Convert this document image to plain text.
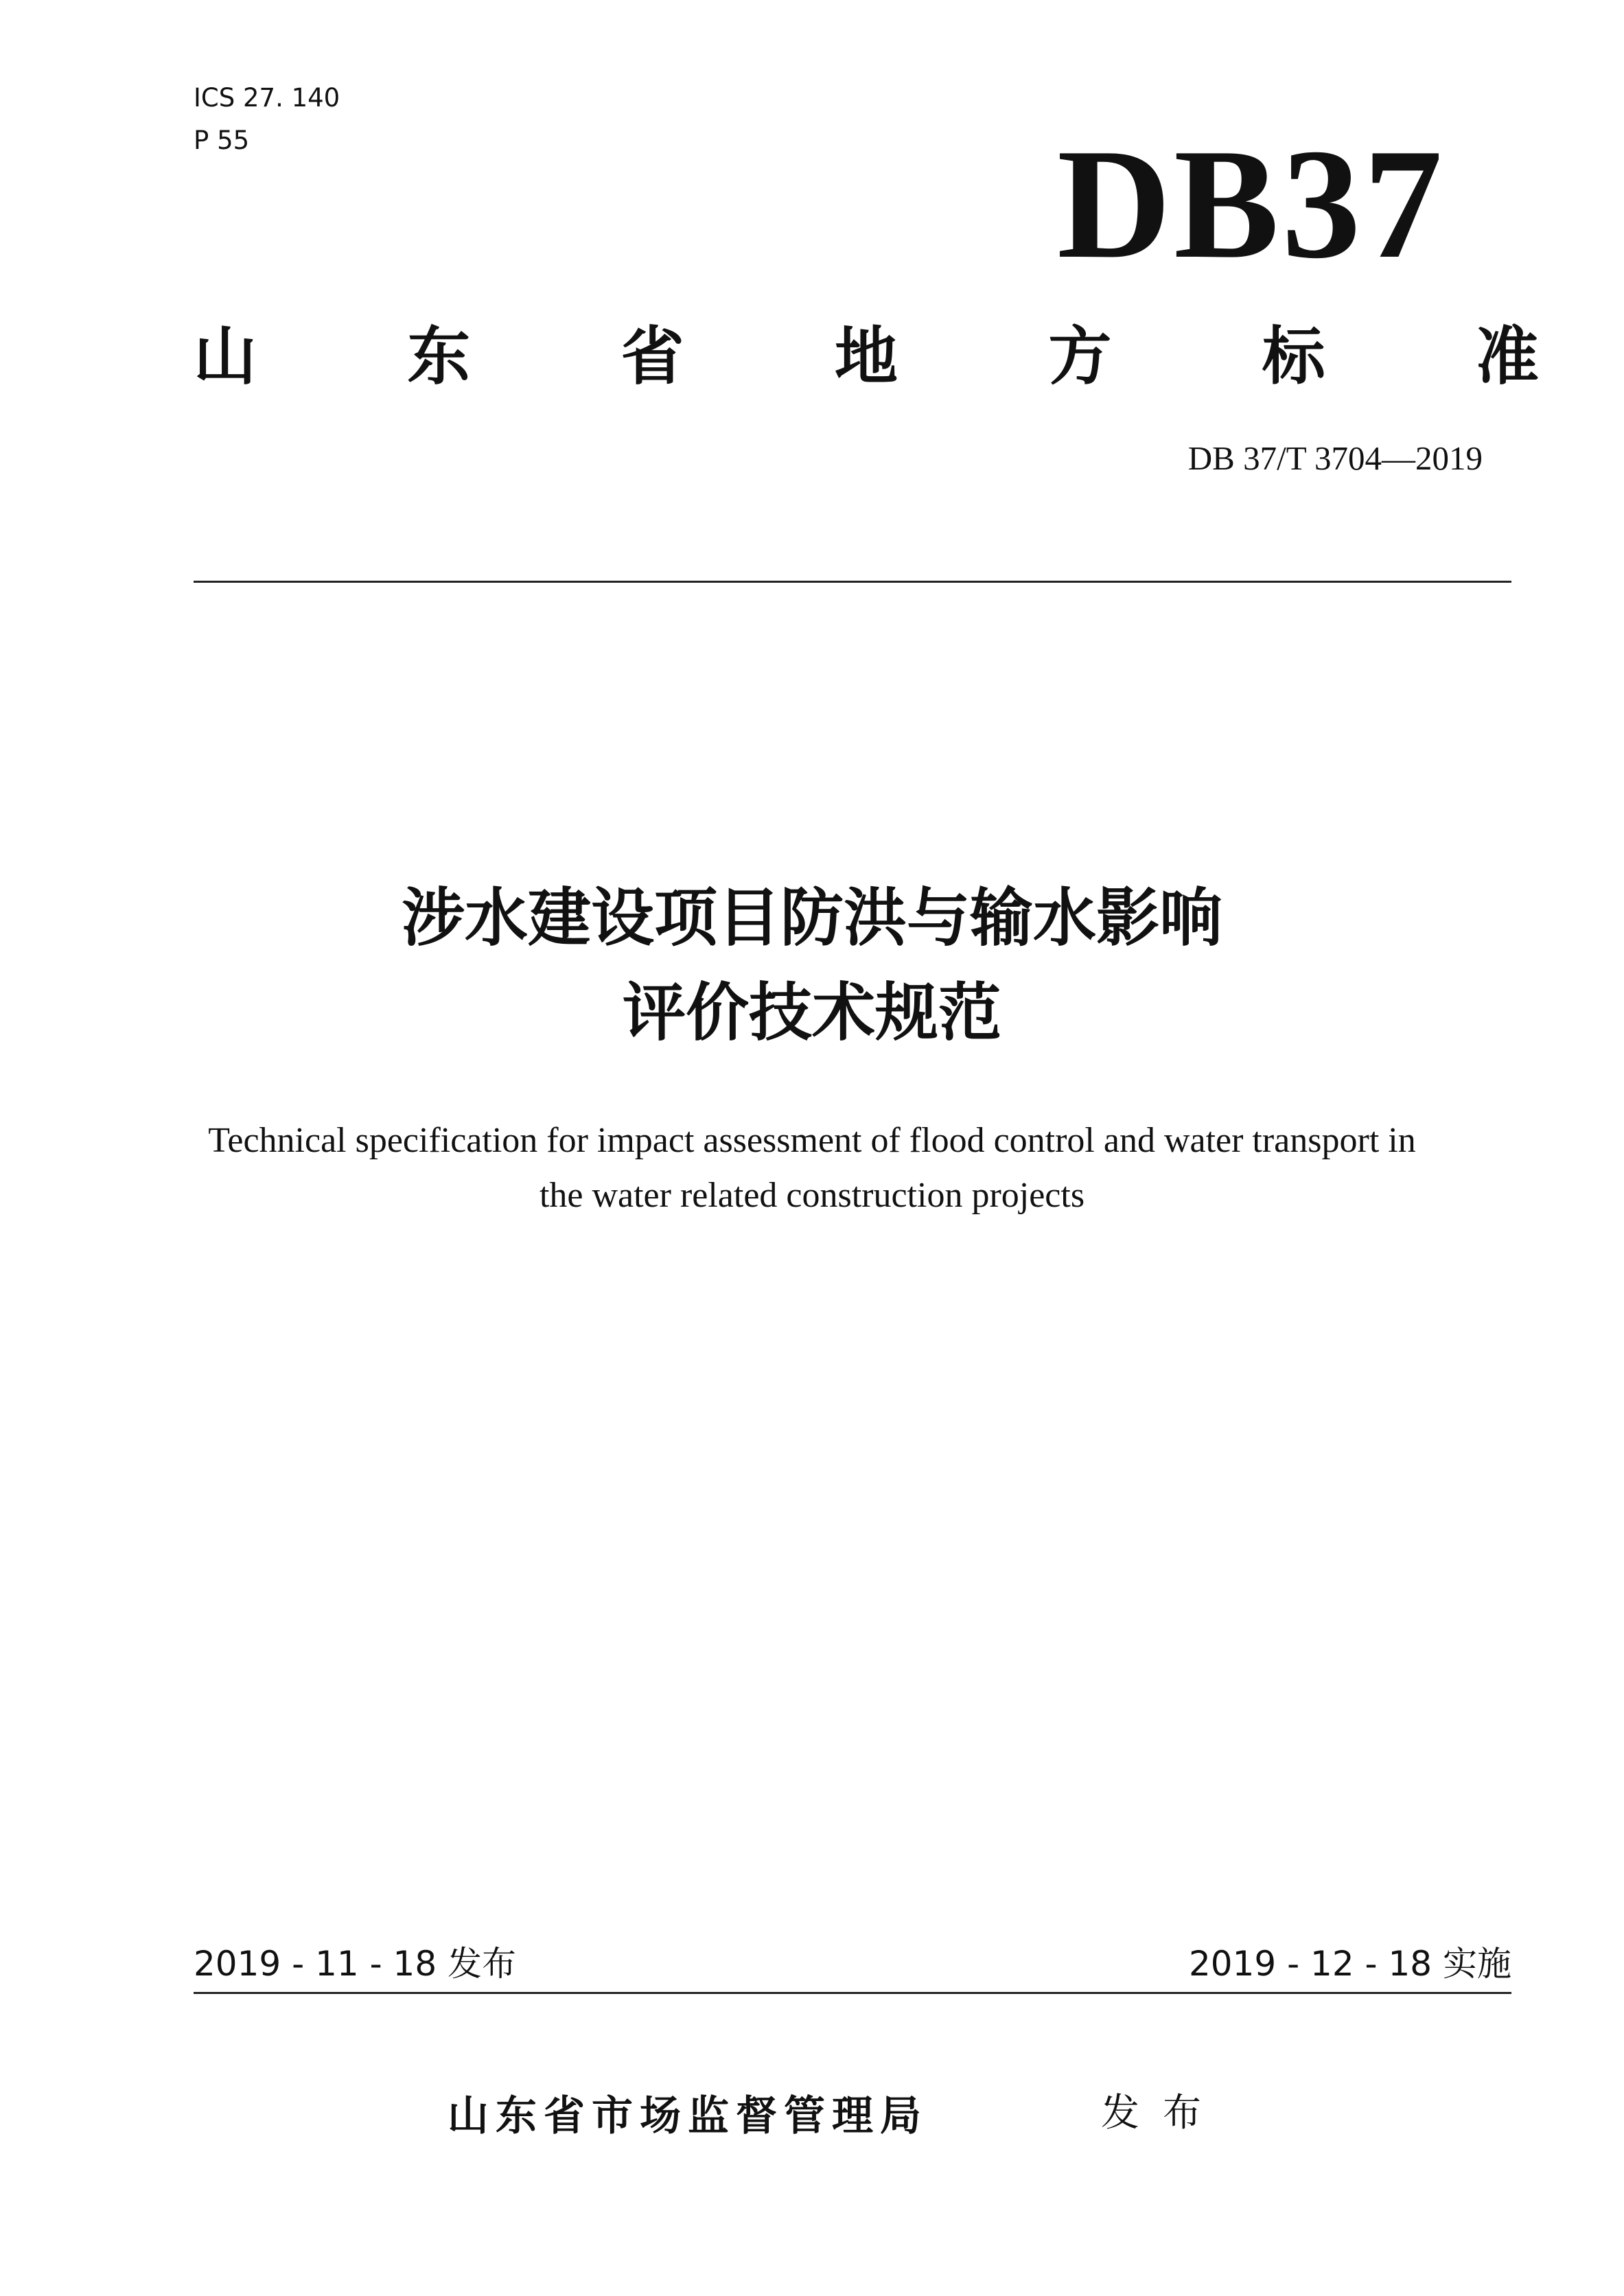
ICS 27. 140
P 55	DB37
山 东 省 地 方 标 准
DB 37/T 3704—2019
涉水建设项目防洪与输水影响
评价技术规范
Technical specification for impact assessment of flood control and water transport in
the water related construction projects
2019 - 11 - 18 发布	2019 - 12 - 18 实施
山东省市场监督管理局	发布
